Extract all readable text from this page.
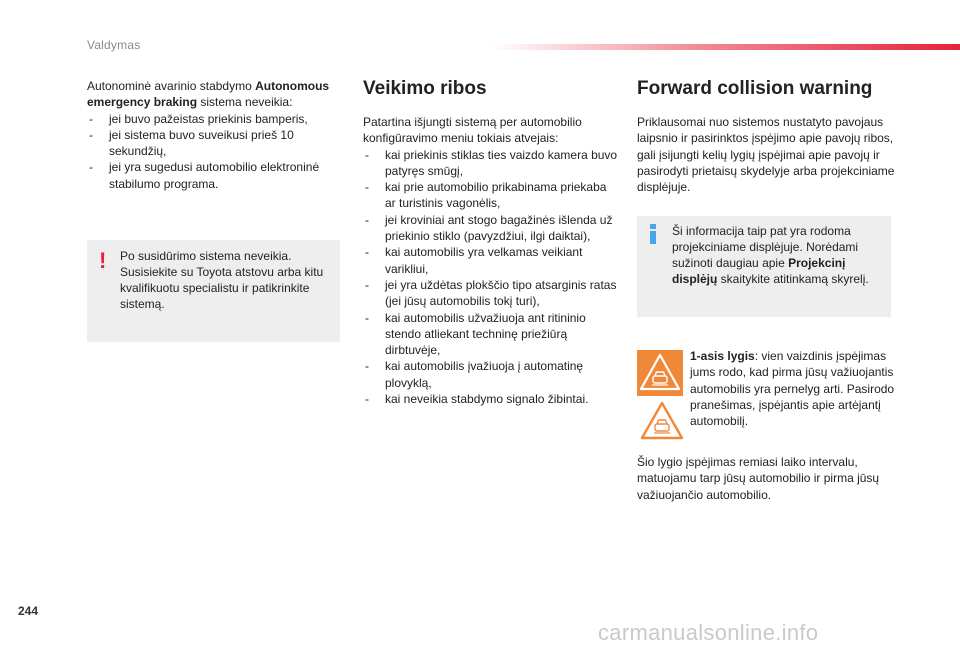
Valdymas

Autonominė avarinio stabdymo Autonomous emergency braking sistema neveikia:

- jei buvo pažeistas priekinis bamperis,
- jei sistema buvo suveikusi prieš 10 sekundžių,
- jei yra sugedusi automobilio elektroninė stabilumo programa.
! Po susidūrimo sistema neveikia. Susisiekite su Toyota atstovu arba kitu kvalifikuotu specialistu ir patikrinkite sistemą.
Veikimo ribos

Patartina išjungti sistemą per automobilio konfigūravimo meniu tokiais atvejais:

- kai priekinis stiklas ties vaizdo kamera buvo patyręs smūgį,
- kai prie automobilio prikabinama priekaba ar turistinis vagonėlis,
- jei kroviniai ant stogo bagažinės išlenda už priekinio stiklo (pavyzdžiui, ilgi daiktai),
- kai automobilis yra velkamas veikiant varikliui,
- jei yra uždėtas plokščio tipo atsarginis ratas (jei jūsų automobilis tokį turi),
- kai automobilis užvažiuoja ant ritininio stendo atliekant techninę priežiūrą dirbtuvėje,
- kai automobilis įvažiuoja į automatinę plovyklą,
- kai neveikia stabdymo signalo žibintai.
Forward collision warning

Priklausomai nuo sistemos nustatyto pavojaus laipsnio ir pasirinktos įspėjimo apie pavojų ribos, gali įsijungti kelių lygių įspėjimai apie pavojų ir pasirodyti prietaisų skydelyje arba projekciniame displėjuje.

Ši informacija taip pat yra rodoma projekciniame displėjuje. Norėdami sužinoti daugiau apie Projekcinį displėjų skaitykite atitinkamą skyrelį.
1-asis lygis: vien vaizdinis įspėjimas jums rodo, kad pirma jūsų važiuojantis automobilis yra pernelyg arti. Pasirodo pranešimas, įspėjantis apie artėjantį automobilį.
Šio lygio įspėjimas remiasi laiko intervalu, matuojamu tarp jūsų automobilio ir pirma jūsų važiuojančio automobilio.
244
carmanualsonline.info
